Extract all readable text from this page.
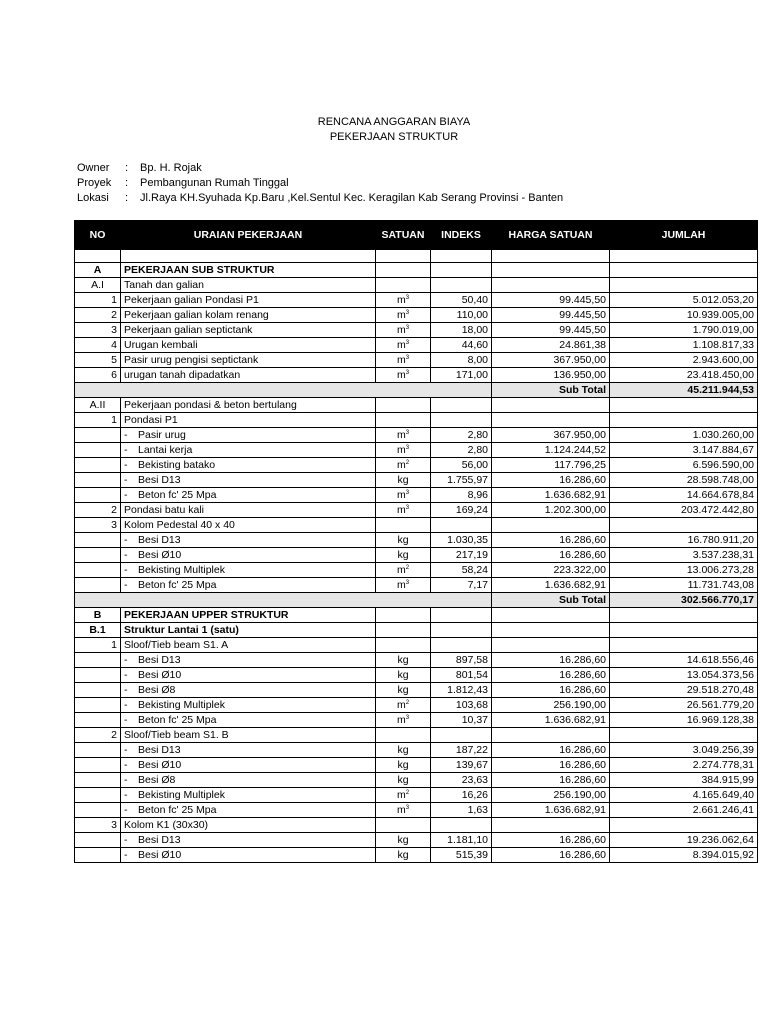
RENCANA ANGGARAN BIAYA
PEKERJAAN STRUKTUR
Owner : Bp. H. Rojak
Proyek : Pembangunan Rumah Tinggal
Lokasi : Jl.Raya KH.Syuhada Kp.Baru ,Kel.Sentul Kec. Keragilan Kab Serang Provinsi - Banten
NO	URAIAN PEKERJAAN	SATUAN	INDEKS	HARGA SATUAN	JUMLAH

A	PEKERJAAN SUB STRUKTUR				
A.I	Tanah dan galian				
1	Pekerjaan galian Pondasi P1	$m^3$	50,40	99.445,50	5.012.053,20
2	Pekerjaan galian kolam renang	$m^3$	110,00	99.445,50	10.939.005,00
3	Pekerjaan galian septictank	$m^3$	18,00	99.445,50	1.790.019,00
4	Urugan kembali	$m^3$	44,60	24.861,38	1.108.817,33
5	Pasir urug pengisi septictank	$m^3$	8,00	367.950,00	2.943.600,00
6	urugan tanah dipadatkan	$m^3$	171,00	136.950,00	23.418.450,00
				Sub Total	45.211.944,53
A.II	Pekerjaan pondasi & beton bertulang				
1	Pondasi P1				
	- Pasir urug	$m^3$	2,80	367.950,00	1.030.260,00
	- Lantai kerja	$m^3$	2,80	1.124.244,52	3.147.884,67
	- Bekisting batako	$m^2$	56,00	117.796,25	6.596.590,00
	- Besi D13	kg	1.755,97	16.286,60	28.598.748,00
	- Beton fc' 25 Mpa	$m^3$	8,96	1.636.682,91	14.664.678,84
2	Pondasi batu kali	$m^3$	169,24	1.202.300,00	203.472.442,80
3	Kolom Pedestal 40 x 40				
	- Besi D13	kg	1.030,35	16.286,60	16.780.911,20
	- Besi Ø10	kg	217,19	16.286,60	3.537.238,31
	- Bekisting Multiplek	$m^2$	58,24	223.322,00	13.006.273,28
	- Beton fc' 25 Mpa	$m^3$	7,17	1.636.682,91	11.731.743,08
				Sub Total	302.566.770,17
B	PEKERJAAN UPPER STRUKTUR				
B.1	Struktur Lantai 1 (satu)				
1	Sloof/Tieb beam S1. A				
	- Besi D13	kg	897,58	16.286,60	14.618.556,46
	- Besi Ø10	kg	801,54	16.286,60	13.054.373,56
	- Besi Ø8	kg	1.812,43	16.286,60	29.518.270,48
	- Bekisting Multiplek	$m^2$	103,68	256.190,00	26.561.779,20
	- Beton fc' 25 Mpa	$m^3$	10,37	1.636.682,91	16.969.128,38
2	Sloof/Tieb beam S1. B				
	- Besi D13	kg	187,22	16.286,60	3.049.256,39
	- Besi Ø10	kg	139,67	16.286,60	2.274.778,31
	- Besi Ø8	kg	23,63	16.286,60	384.915,99
	- Bekisting Multiplek	$m^2$	16,26	256.190,00	4.165.649,40
	- Beton fc' 25 Mpa	$m^3$	1,63	1.636.682,91	2.661.246,41
3	Kolom K1 (30x30)				
	- Besi D13	kg	1.181,10	16.286,60	19.236.062,64
	- Besi Ø10	kg	515,39	16.286,60	8.394.015,92
